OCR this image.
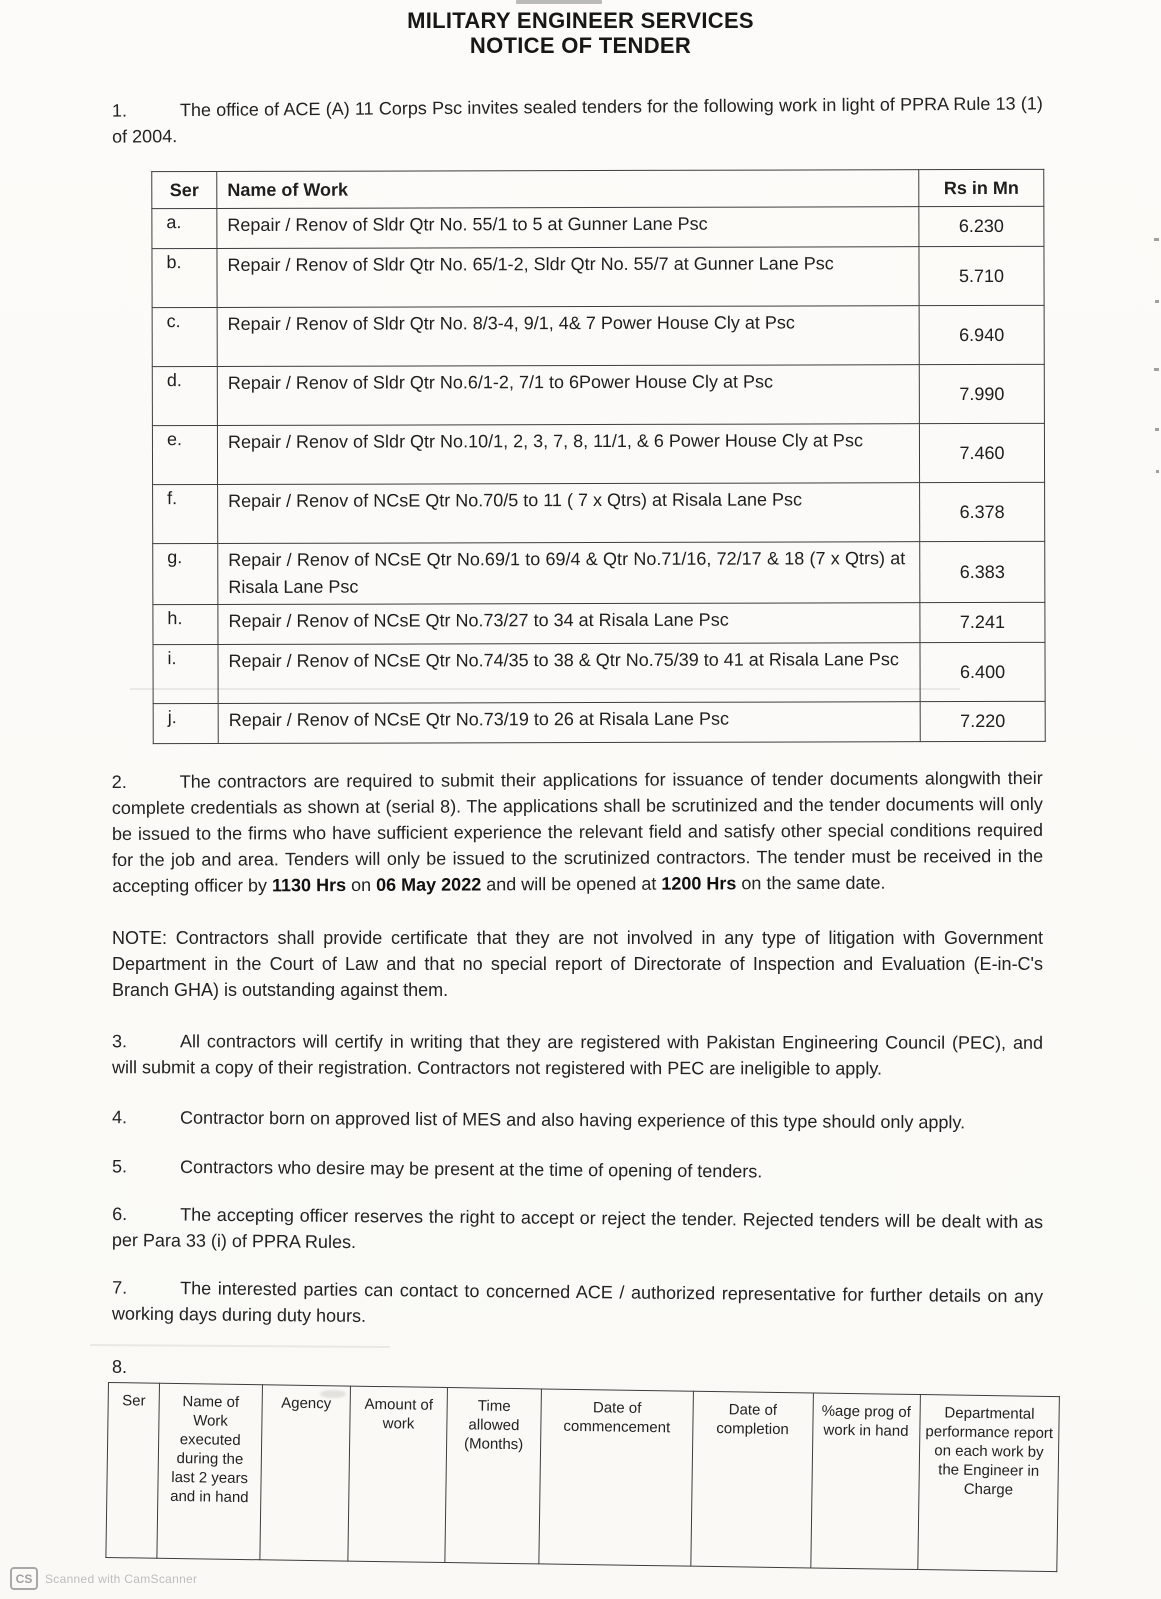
MILITARY ENGINEER SERVICES
NOTICE OF TENDER
1.	The office of ACE (A) 11 Corps Psc invites sealed tenders for the following work in light of PPRA Rule 13 (1) of 2004.
Ser	Name of Work	Rs in Mn
a.	Repair / Renov of Sldr Qtr No. 55/1 to 5 at Gunner Lane Psc	6.230
b.	Repair / Renov of Sldr Qtr No. 65/1-2, Sldr Qtr No. 55/7 at Gunner Lane Psc	5.710
c.	Repair / Renov of Sldr Qtr No. 8/3-4, 9/1, 4& 7 Power House Cly at Psc	6.940
d.	Repair / Renov of Sldr Qtr No.6/1-2, 7/1 to 6Power House Cly at Psc	7.990
e.	Repair / Renov of Sldr Qtr No.10/1, 2, 3, 7, 8, 11/1, & 6 Power House Cly at Psc	7.460
f.	Repair / Renov of NCsE Qtr No.70/5 to 11 ( 7 x Qtrs) at Risala Lane Psc	6.378
g.	Repair / Renov of NCsE Qtr No.69/1 to 69/4 & Qtr No.71/16, 72/17 & 18 (7 x Qtrs) at Risala Lane Psc	6.383
h.	Repair / Renov of NCsE Qtr No.73/27 to 34 at Risala Lane Psc	7.241
i.	Repair / Renov of NCsE Qtr No.74/35 to 38 & Qtr No.75/39 to 41 at Risala Lane Psc	6.400
j.	Repair / Renov of NCsE Qtr No.73/19 to 26 at Risala Lane Psc	7.220
2.	The contractors are required to submit their applications for issuance of tender documents alongwith their complete credentials as shown at (serial 8). The applications shall be scrutinized and the tender documents will only be issued to the firms who have sufficient experience the relevant field and satisfy other special conditions required for the job and area. Tenders will only be issued to the scrutinized contractors. The tender must be received in the accepting officer by 1130 Hrs on 06 May 2022 and will be opened at 1200 Hrs on the same date.
NOTE: Contractors shall provide certificate that they are not involved in any type of litigation with Government Department in the Court of Law and that no special report of Directorate of Inspection and Evaluation (E-in-C's Branch GHA) is outstanding against them.
3.	All contractors will certify in writing that they are registered with Pakistan Engineering Council (PEC), and will submit a copy of their registration. Contractors not registered with PEC are ineligible to apply.
4.	Contractor born on approved list of MES and also having experience of this type should only apply.
5.	Contractors who desire may be present at the time of opening of tenders.
6.	The accepting officer reserves the right to accept or reject the tender. Rejected tenders will be dealt with as per Para 33 (i) of PPRA Rules.
7.	The interested parties can contact to concerned ACE / authorized representative for further details on any working days during duty hours.
8.
Ser	Name of Work executed during the last 2 years and in hand	Agency	Amount of work	Time allowed (Months)	Date of commencement	Date of completion	%age prog of work in hand	Departmental performance report on each work by the Engineer in Charge
CS	Scanned with CamScanner
